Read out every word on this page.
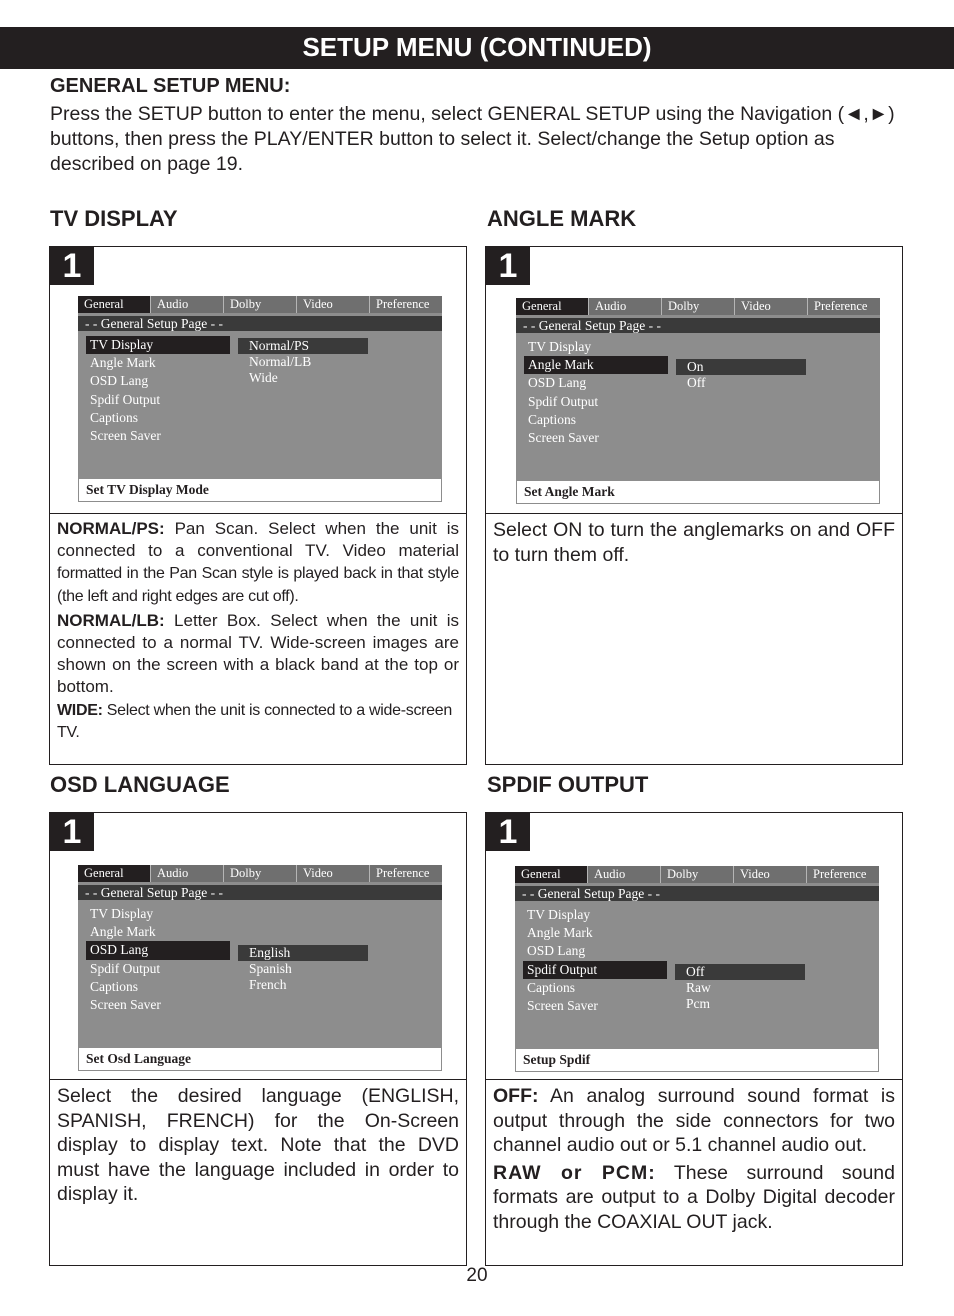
SETUP MENU (CONTINUED)
GENERAL SETUP MENU:
Press the SETUP button to enter the menu, select GENERAL SETUP using the Navigation (◄,►) buttons, then press the PLAY/ENTER button to select it. Select/change the Setup option as described on page 19.
TV DISPLAY
1
General	Audio	Dolby	Video	Preference
- - General Setup Page - -
TV Display
Angle Mark
OSD Lang
Spdif Output
Captions
Screen Saver
Normal/PS
Normal/LB
Wide
Set TV Display Mode

NORMAL/PS: Pan Scan. Select when the unit is connected to a conventional TV. Video material formatted in the Pan Scan style is played back in that style (the left and right edges are cut off).

NORMAL/LB: Letter Box. Select when the unit is connected to a normal TV. Wide-screen images are shown on the screen with a black band at the top or bottom.

WIDE: Select when the unit is connected to a wide-screen TV.

ANGLE MARK
1
General	Audio	Dolby	Video	Preference
- - General Setup Page - -
TV Display
Angle Mark
OSD Lang
Spdif Output
Captions
Screen Saver
On
Off
Set Angle Mark

Select ON to turn the anglemarks on and OFF to turn them off.

OSD LANGUAGE
1
General	Audio	Dolby	Video	Preference
- - General Setup Page - -
TV Display
Angle Mark
OSD Lang
Spdif Output
Captions
Screen Saver
English
Spanish
French
Set Osd Language

Select the desired language (ENGLISH, SPANISH, FRENCH) for the On-Screen display to display text. Note that the DVD must have the language included in order to display it.

SPDIF OUTPUT
1
General	Audio	Dolby	Video	Preference
- - General Setup Page - -
TV Display
Angle Mark
OSD Lang
Spdif Output
Captions
Screen Saver
Off
Raw
Pcm
Setup Spdif

OFF: An analog surround sound format is output through the side connectors for two channel audio out or 5.1 channel audio out.

RAW or PCM: These surround sound formats are output to a Dolby Digital decoder through the COAXIAL OUT jack.

20
